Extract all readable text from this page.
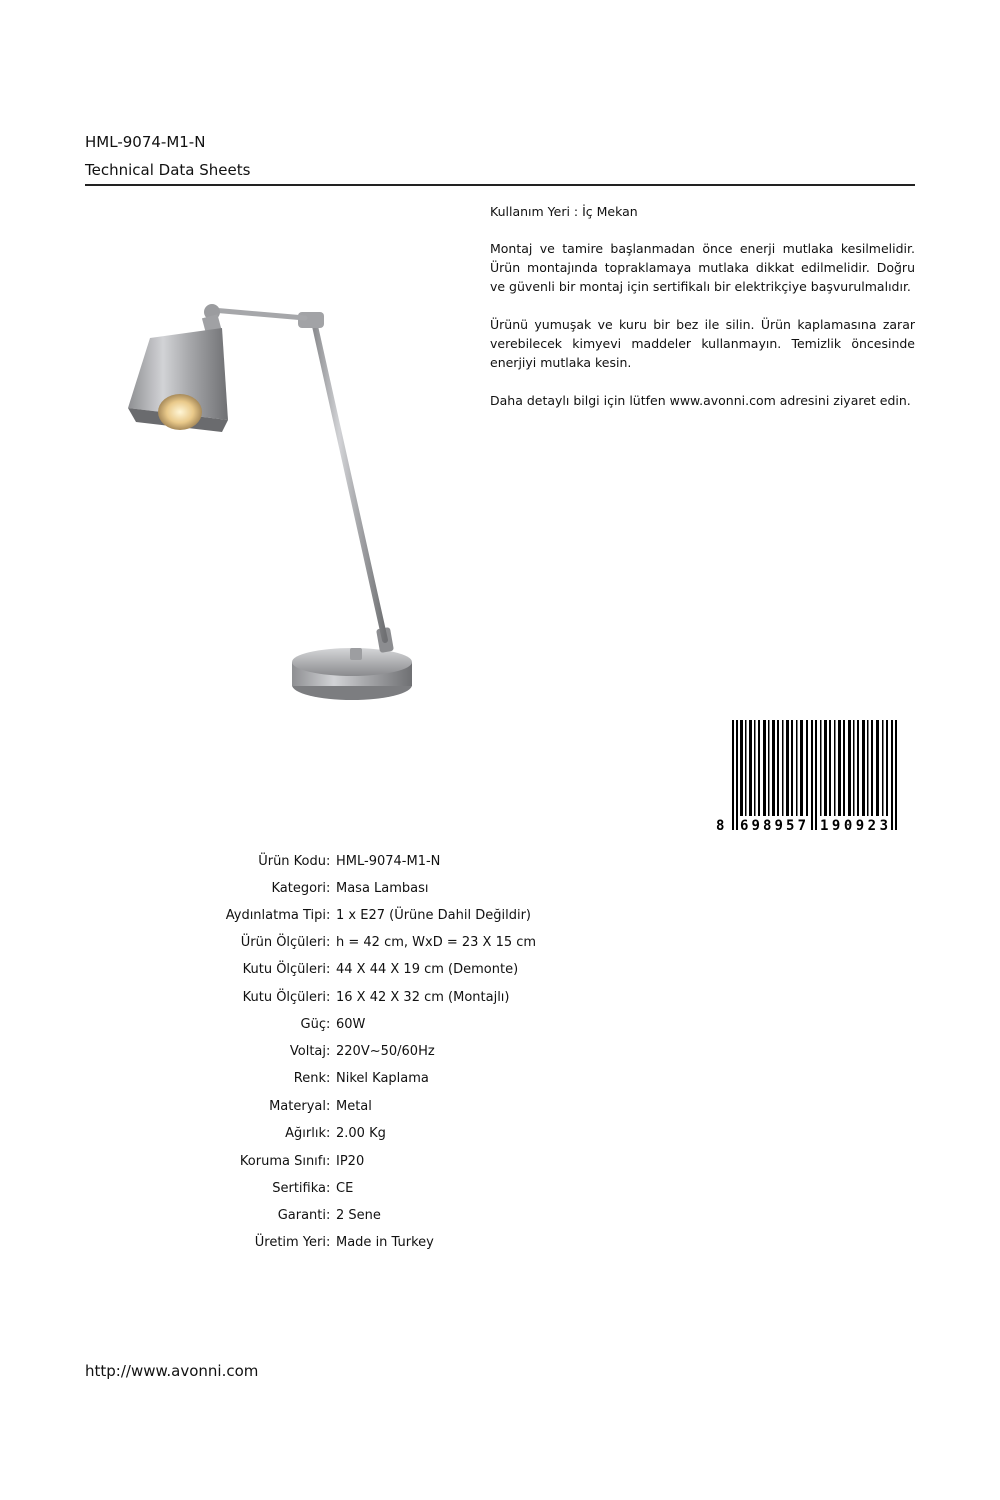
HML-9074-M1-N
Technical Data Sheets
Kullanım Yeri : İç Mekan
Montaj ve tamire başlanmadan önce enerji mutlaka kesilmelidir. Ürün montajında topraklamaya mutlaka dikkat edilmelidir. Doğru ve güvenli bir montaj için sertifikalı bir elektrikçiye başvurulmalıdır.
Ürünü yumuşak ve kuru bir bez ile silin. Ürün kaplamasına zarar verebilecek kimyevi maddeler kullanmayın. Temizlik öncesinde enerjiyi mutlaka kesin.
Daha detaylı bilgi için lütfen www.avonni.com adresini ziyaret edin.
8 698957 190923
Ürün Kodu : HML-9074-M1-N
Kategori : Masa Lambası
Aydınlatma Tipi : 1 x E27 (Ürüne Dahil Değildir)
Ürün Ölçüleri : h = 42 cm, WxD = 23 X 15 cm
Kutu Ölçüleri : 44 X 44 X 19 cm (Demonte)
Kutu Ölçüleri : 16 X 42 X 32 cm (Montajlı)
Güç : 60W
Voltaj : 220V~50/60Hz
Renk : Nikel Kaplama
Materyal : Metal
Ağırlık : 2.00 Kg
Koruma Sınıfı : IP20
Sertifika : CE
Garanti : 2 Sene
Üretim Yeri : Made in Turkey
http://www.avonni.com
